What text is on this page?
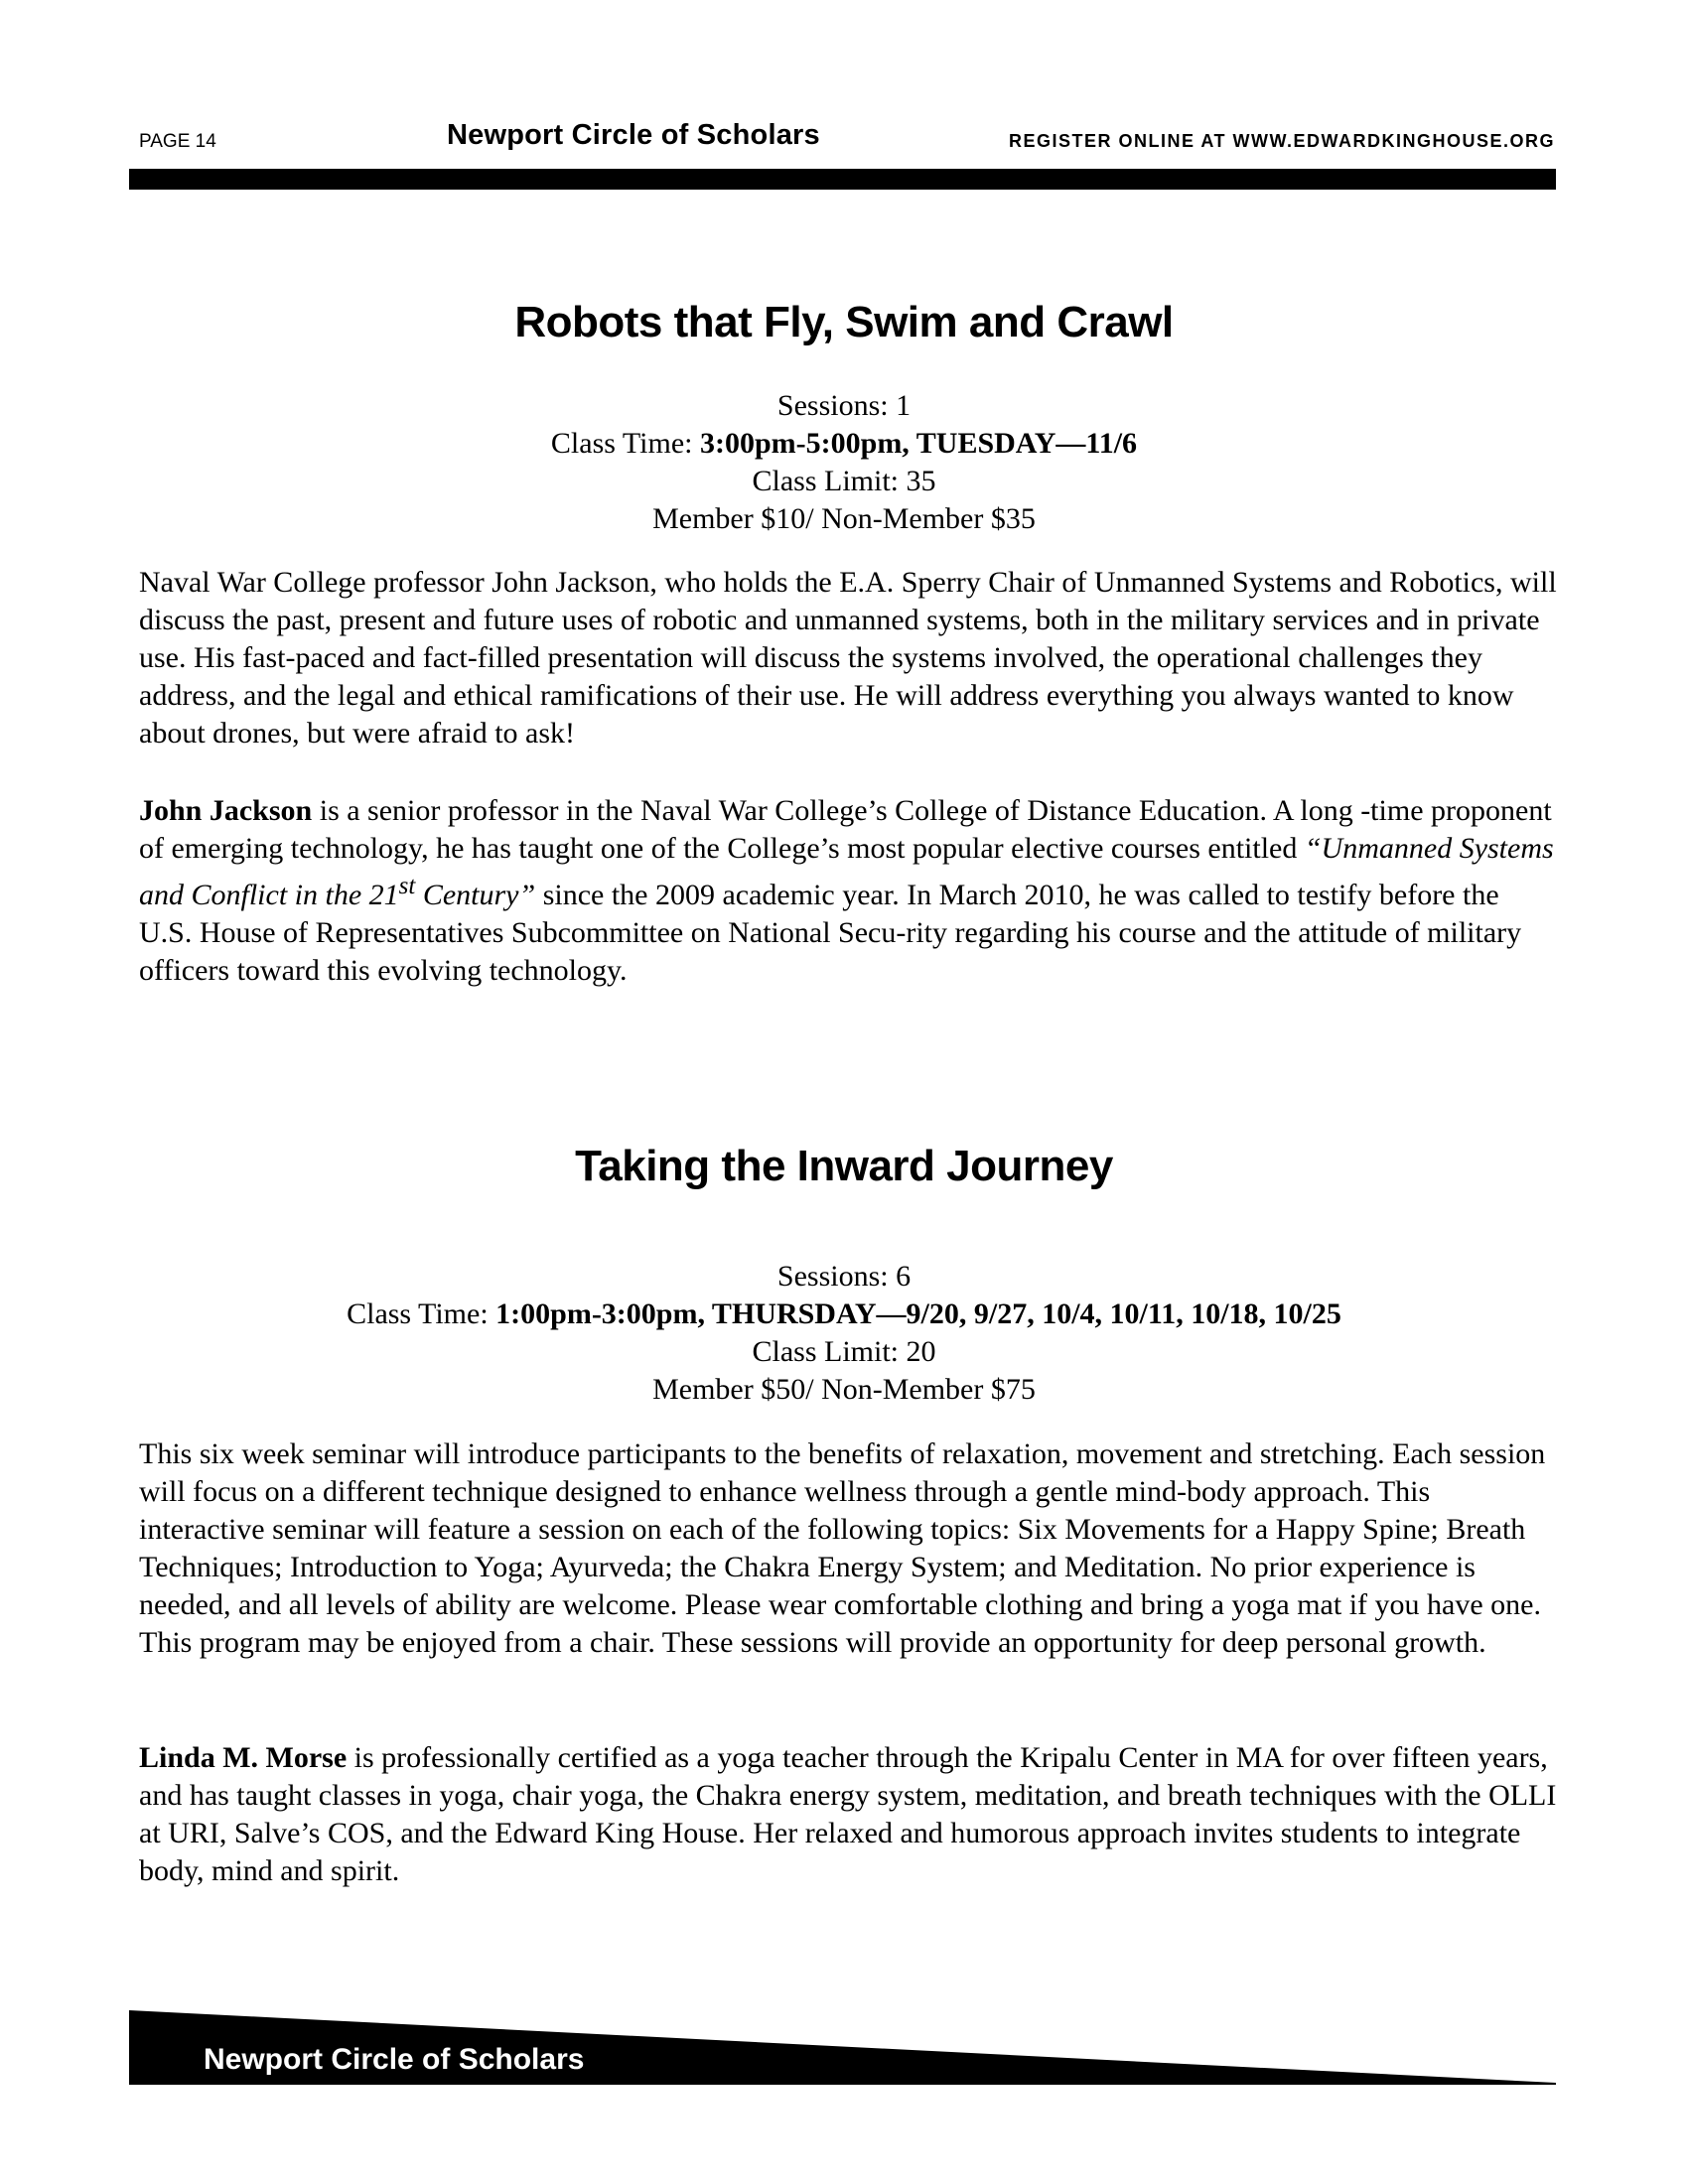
PAGE 14	Newport Circle of Scholars	REGISTER ONLINE AT WWW.EDWARDKINGHOUSE.ORG
Robots that Fly, Swim and Crawl
Sessions: 1
Class Time: 3:00pm-5:00pm, TUESDAY—11/6
Class Limit: 35
Member $10/ Non-Member $35
Naval War College professor John Jackson, who holds the E.A. Sperry Chair of Unmanned Systems and Robotics, will discuss the past, present and future uses of robotic and unmanned systems, both in the military services and in private use. His fast-paced and fact-filled presentation will discuss the systems involved, the operational challenges they address, and the legal and ethical ramifications of their use. He will address everything you always wanted to know about drones, but were afraid to ask!
John Jackson is a senior professor in the Naval War College’s College of Distance Education. A long -time proponent of emerging technology, he has taught one of the College’s most popular elective courses entitled “Unmanned Systems and Conflict in the 21st Century” since the 2009 academic year. In March 2010, he was called to testify before the U.S. House of Representatives Subcommittee on National Secu-rity regarding his course and the attitude of military officers toward this evolving technology.
Taking the Inward Journey
Sessions: 6
Class Time: 1:00pm-3:00pm, THURSDAY—9/20, 9/27, 10/4, 10/11, 10/18, 10/25
Class Limit: 20
Member $50/ Non-Member $75
This six week seminar will introduce participants to the benefits of relaxation, movement and stretching. Each session will focus on a different technique designed to enhance wellness through a gentle mind-body approach. This interactive seminar will feature a session on each of the following topics: Six Movements for a Happy Spine; Breath Techniques; Introduction to Yoga; Ayurveda; the Chakra Energy System; and Meditation. No prior experience is needed, and all levels of ability are welcome. Please wear comfortable clothing and bring a yoga mat if you have one. This program may be enjoyed from a chair. These sessions will provide an opportunity for deep personal growth.
Linda M. Morse is professionally certified as a yoga teacher through the Kripalu Center in MA for over fifteen years, and has taught classes in yoga, chair yoga, the Chakra energy system, meditation, and breath techniques with the OLLI at URI, Salve’s COS, and the Edward King House. Her relaxed and humorous approach invites students to integrate body, mind and spirit.
Newport Circle of Scholars
